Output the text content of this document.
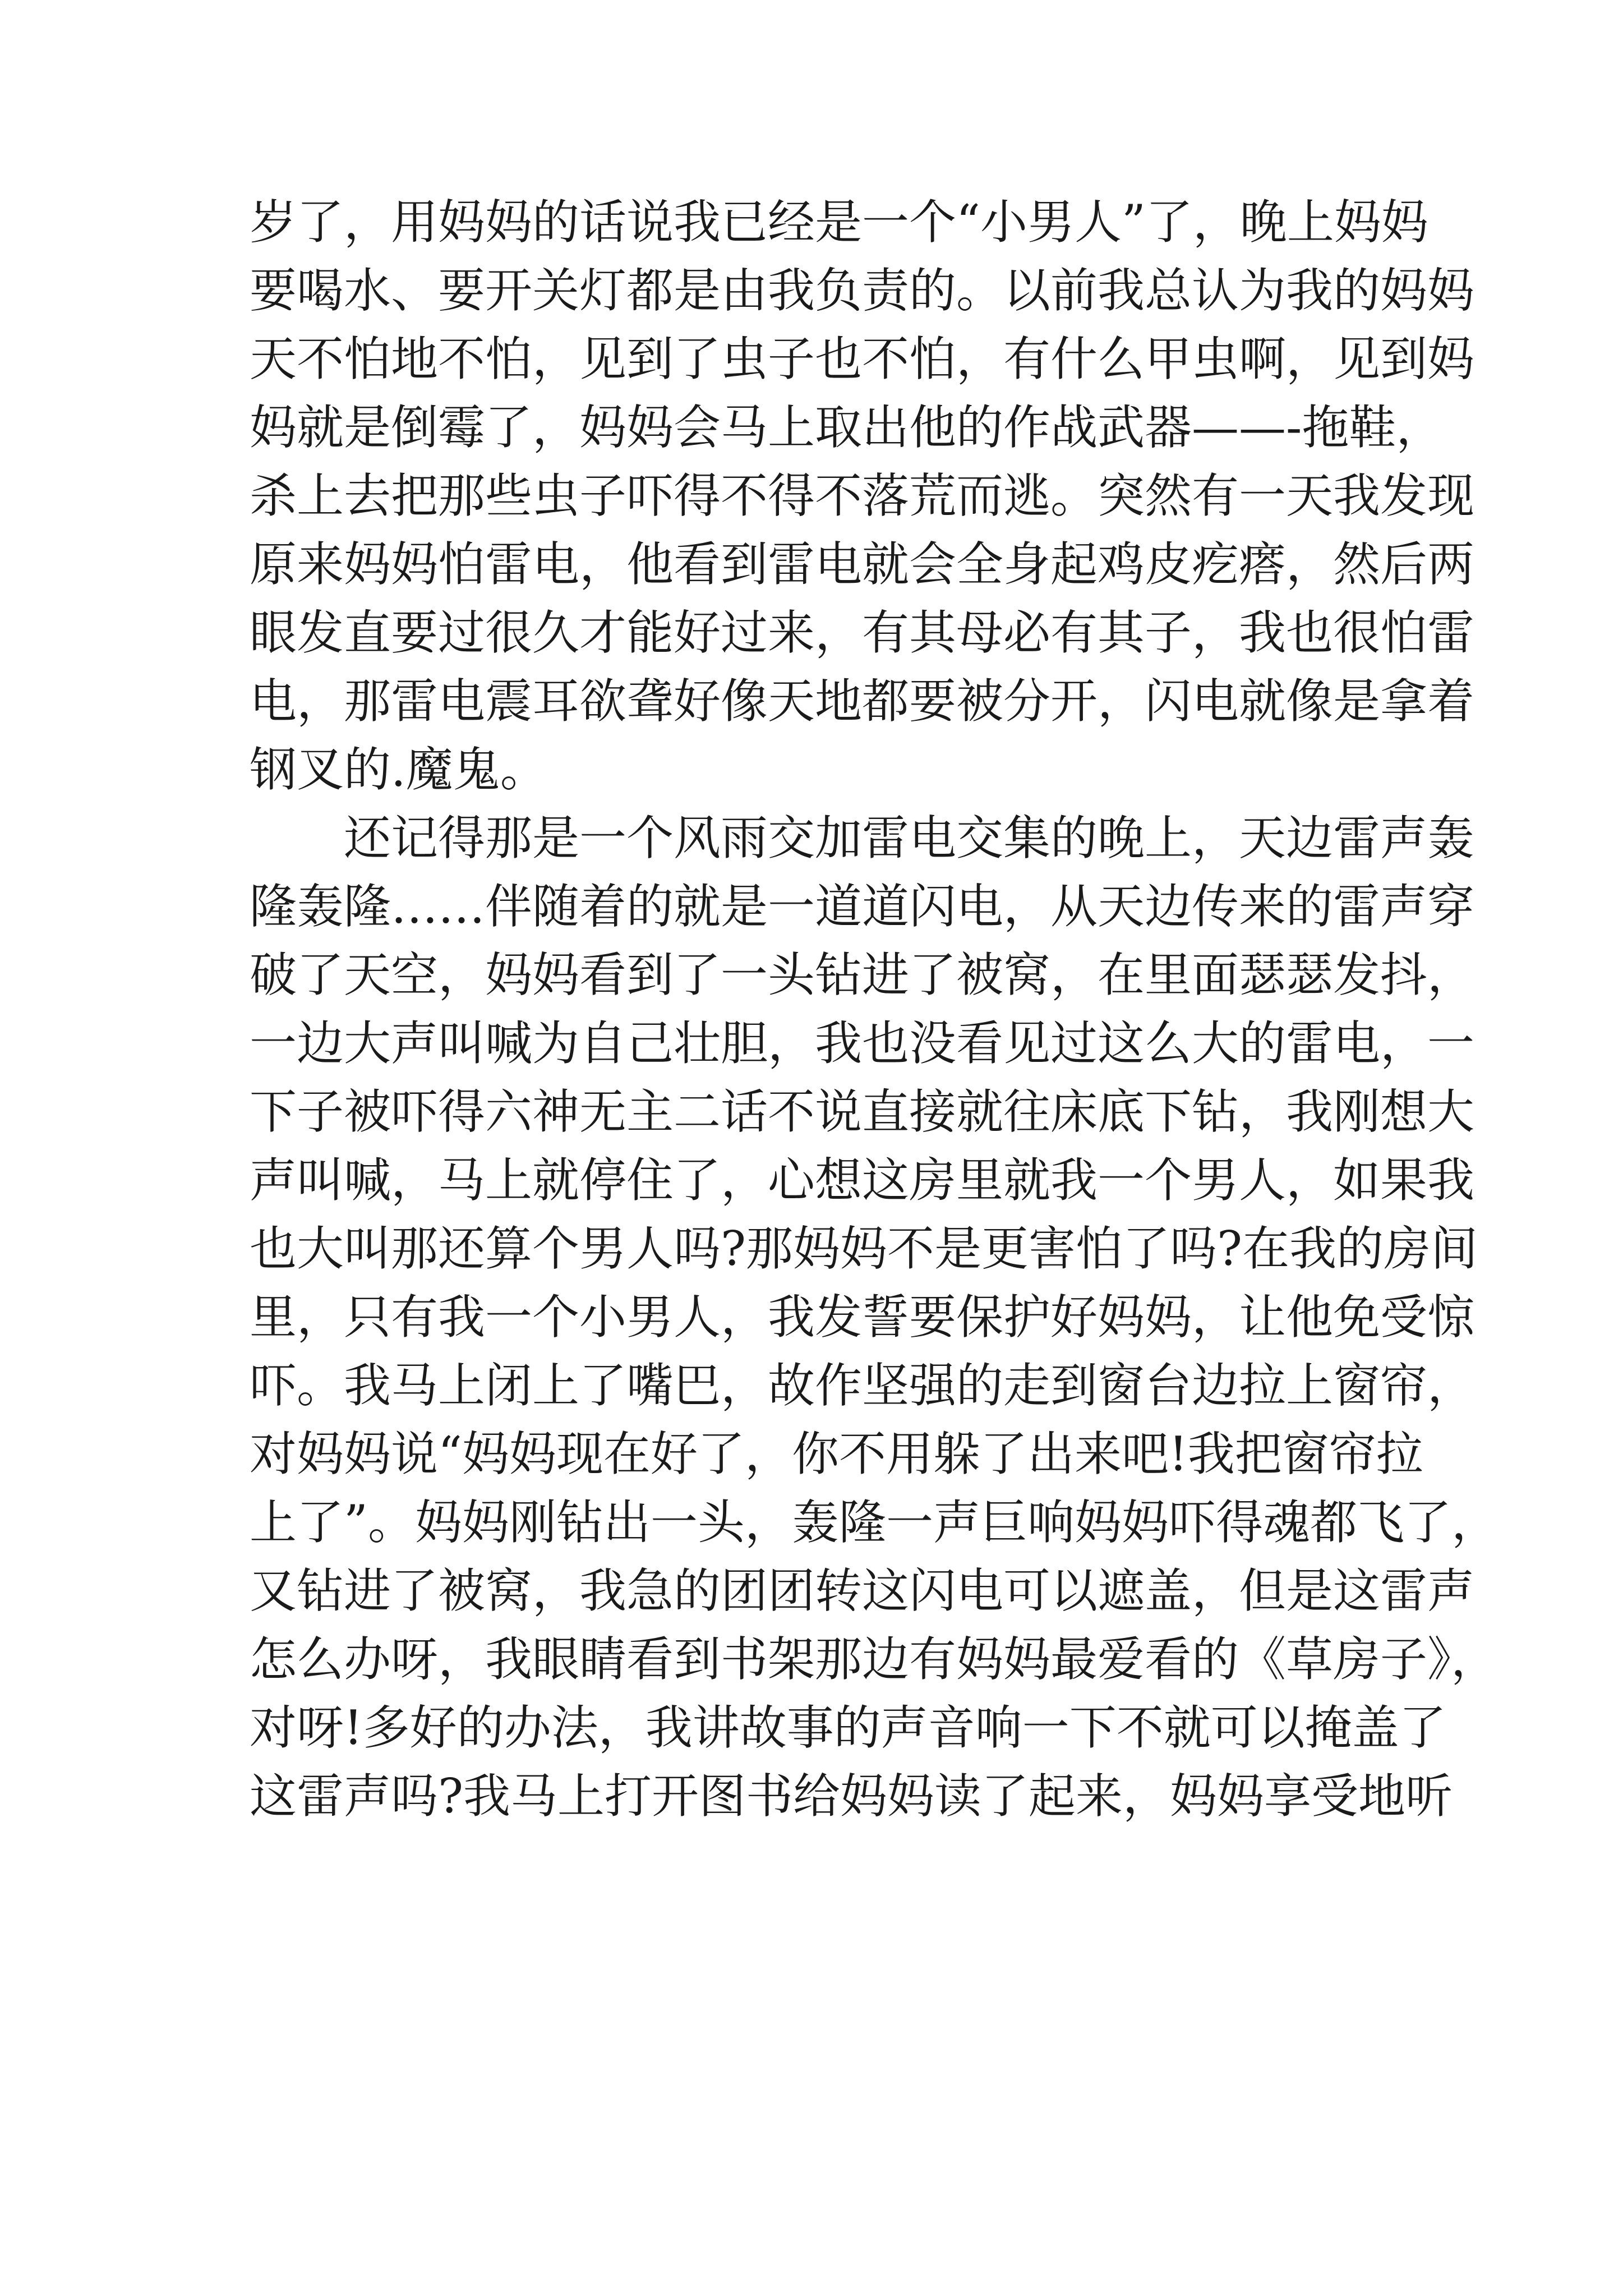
岁了，用妈妈的话说我已经是一个“小男人”了，晚上妈妈
要喝水、要开关灯都是由我负责的。以前我总认为我的妈妈
天不怕地不怕，见到了虫子也不怕，有什么甲虫啊，见到妈
妈就是倒霉了，妈妈会马上取出他的作战武器——-拖鞋，
杀上去把那些虫子吓得不得不落荒而逃。突然有一天我发现
原来妈妈怕雷电，他看到雷电就会全身起鸡皮疙瘩，然后两
眼发直要过很久才能好过来，有其母必有其子，我也很怕雷
电，那雷电震耳欲聋好像天地都要被分开，闪电就像是拿着
钢叉的.魔鬼。
还记得那是一个风雨交加雷电交集的晚上，天边雷声轰
隆轰隆……伴随着的就是一道道闪电，从天边传来的雷声穿
破了天空，妈妈看到了一头钻进了被窝，在里面瑟瑟发抖，
一边大声叫喊为自己壮胆，我也没看见过这么大的雷电，一
下子被吓得六神无主二话不说直接就往床底下钻，我刚想大
声叫喊，马上就停住了，心想这房里就我一个男人，如果我
也大叫那还算个男人吗?那妈妈不是更害怕了吗?在我的房间
里，只有我一个小男人，我发誓要保护好妈妈，让他免受惊
吓。我马上闭上了嘴巴，故作坚强的走到窗台边拉上窗帘，
对妈妈说“妈妈现在好了，你不用躲了出来吧!我把窗帘拉
上了”。妈妈刚钻出一头，轰隆一声巨响妈妈吓得魂都飞了，
又钻进了被窝，我急的团团转这闪电可以遮盖，但是这雷声
怎么办呀，我眼睛看到书架那边有妈妈最爱看的《草房子》，
对呀!多好的办法，我讲故事的声音响一下不就可以掩盖了
这雷声吗?我马上打开图书给妈妈读了起来，妈妈享受地听
